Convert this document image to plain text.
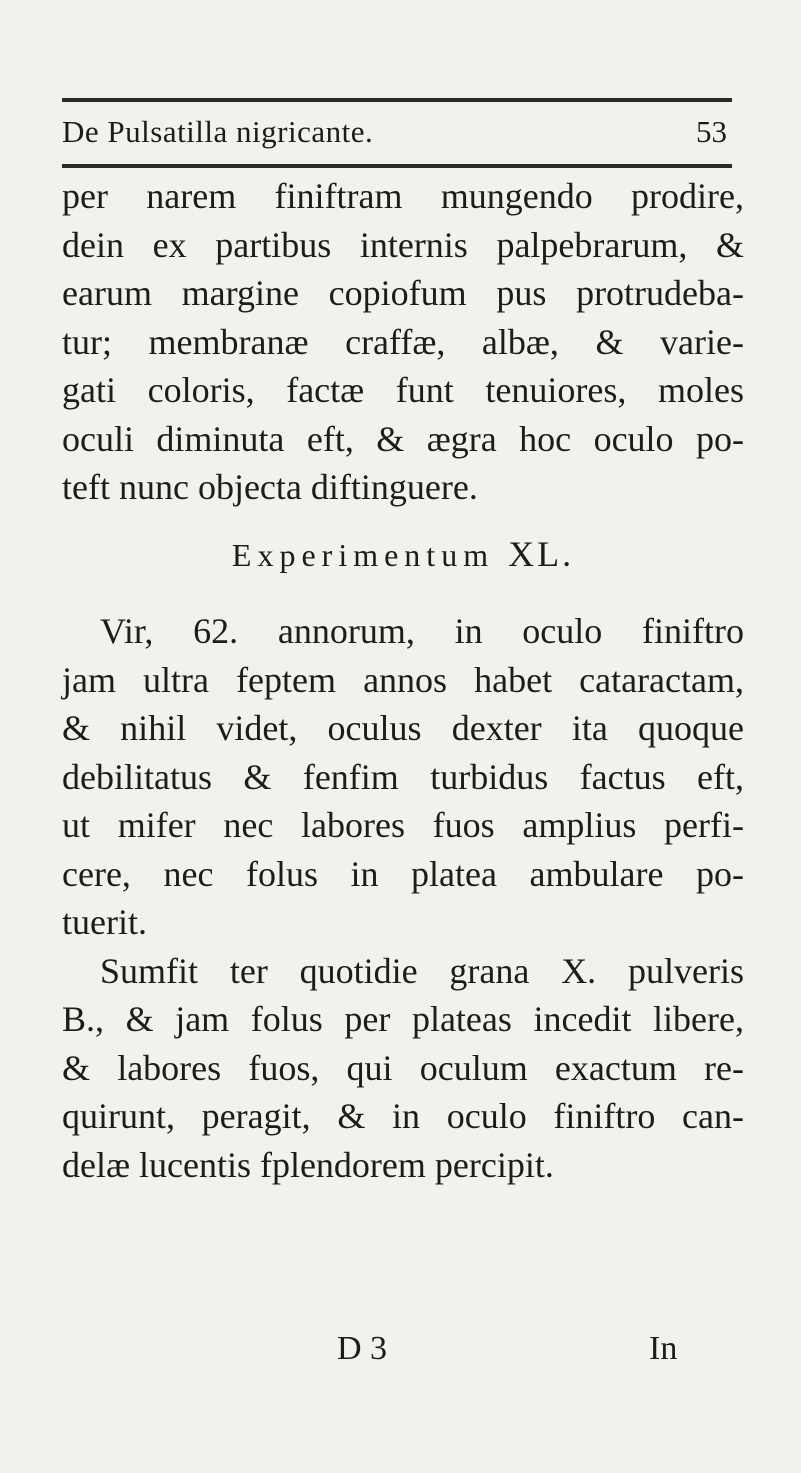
De Pulsatilla nigricante.	53
per narem finiftram mungendo prodire,
dein ex partibus internis palpebrarum, &
earum margine copiofum pus protrudeba-
tur; membranæ craffæ, albæ, & varie-
gati coloris, factæ funt tenuiores, moles
oculi diminuta eft, & ægra hoc oculo po-
teft nunc objecta diftinguere.
Experimentum XL.
Vir, 62. annorum, in oculo finiftro
jam ultra feptem annos habet cataractam,
& nihil videt, oculus dexter ita quoque
debilitatus & fenfim turbidus factus eft,
ut mifer nec labores fuos amplius perfi-
cere, nec folus in platea ambulare po-
tuerit.
Sumfit ter quotidie grana X. pulveris
B., & jam folus per plateas incedit libere,
& labores fuos, qui oculum exactum re-
quirunt, peragit, & in oculo finiftro can-
delæ lucentis fplendorem percipit.
D 3	In
